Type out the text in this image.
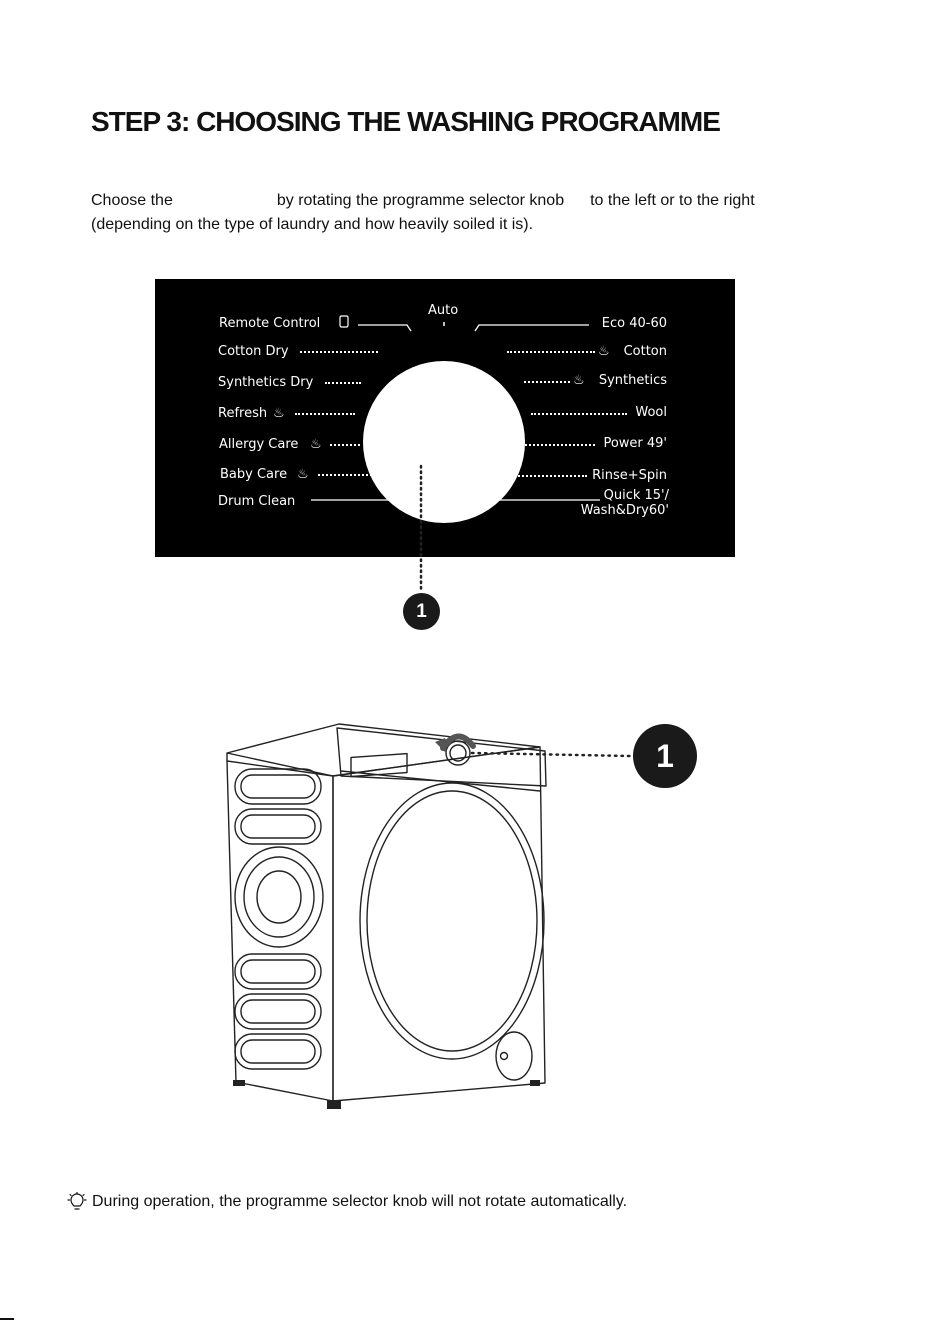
STEP 3: CHOOSING THE WASHING PROGRAMME
Choose the	by rotating the programme selector knob to the left or to the right
(depending on the type of laundry and how heavily soiled it is).
Auto
Spin
Remote Control
Cotton Dry
Synthetics Dry
Refresh ♨
Allergy Care ♨
Baby Care ♨
Drum Clean
Eco 40-60
♨ Cotton
♨ Synthetics
Wool
Power 49'
Rinse+Spin
Quick 15'/
Wash&Dry60'
1
1
During operation, the programme selector knob will not rotate automatically.
